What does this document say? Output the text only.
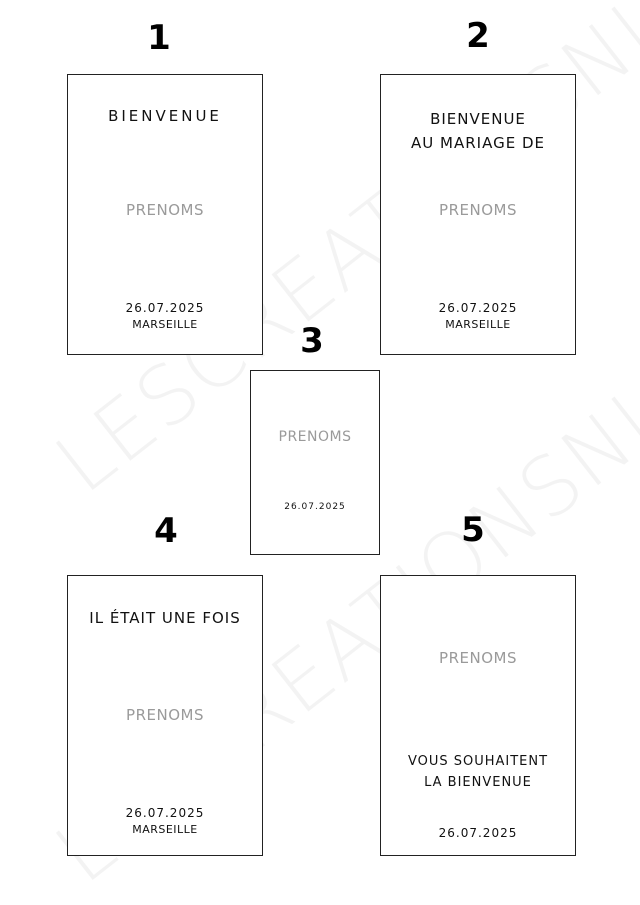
1	2
3
4	5
BIENVENUE
PRENOMS
26.07.2025
MARSEILLE
BIENVENUE
AU MARIAGE DE
PRENOMS
26.07.2025
MARSEILLE
PRENOMS
26.07.2025
IL ÉTAIT UNE FOIS
PRENOMS
26.07.2025
MARSEILLE
PRENOMS
VOUS SOUHAITENT
LA BIENVENUE
26.07.2025
